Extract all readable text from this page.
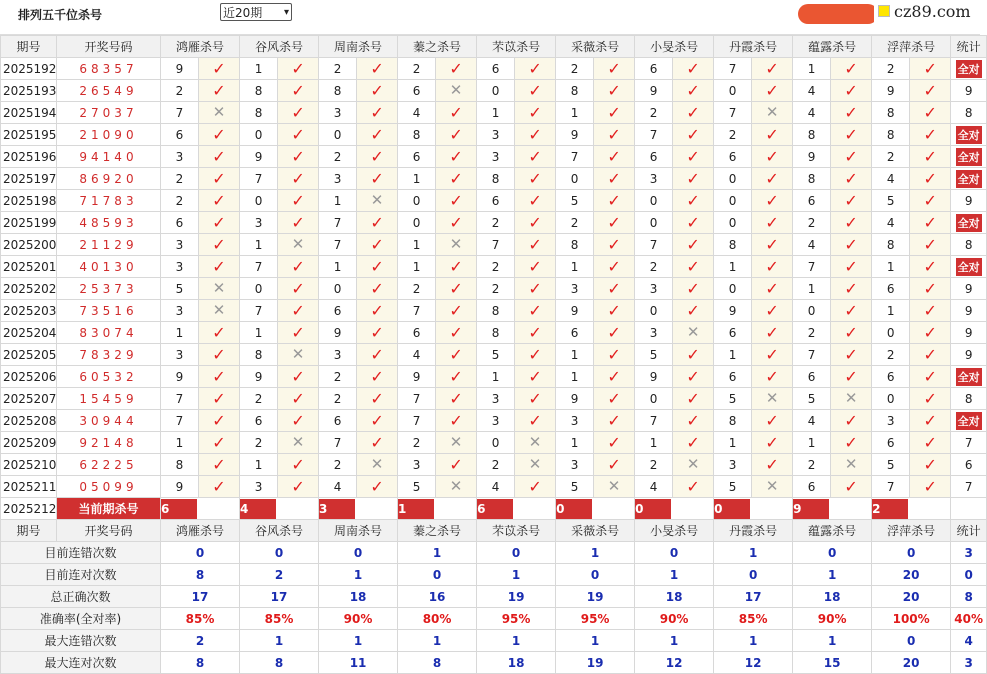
排列五千位杀号	近20期 ▾	cz89.com
期号	开奖号码	鸿雁杀号		谷风杀号		周南杀号		蓁之杀号		芣苡杀号		采薇杀号		小旻杀号		丹霞杀号		蕴露杀号		浮萍杀号		统计
2025192	68357	9	✓	1	✓	2	✓	2	✓	6	✓	2	✓	6	✓	7	✓	1	✓	2	✓	全对
2025193	26549	2	✓	8	✓	8	✓	6	✕	0	✓	8	✓	9	✓	0	✓	4	✓	9	✓	9
2025194	27037	7	✕	8	✓	3	✓	4	✓	1	✓	1	✓	2	✓	7	✕	4	✓	8	✓	8
2025195	21090	6	✓	0	✓	0	✓	8	✓	3	✓	9	✓	7	✓	2	✓	8	✓	8	✓	全对
2025196	94140	3	✓	9	✓	2	✓	6	✓	3	✓	7	✓	6	✓	6	✓	9	✓	2	✓	全对
2025197	86920	2	✓	7	✓	3	✓	1	✓	8	✓	0	✓	3	✓	0	✓	8	✓	4	✓	全对
2025198	71783	2	✓	0	✓	1	✕	0	✓	6	✓	5	✓	0	✓	0	✓	6	✓	5	✓	9
2025199	48593	6	✓	3	✓	7	✓	0	✓	2	✓	2	✓	0	✓	0	✓	2	✓	4	✓	全对
2025200	21129	3	✓	1	✕	7	✓	1	✕	7	✓	8	✓	7	✓	8	✓	4	✓	8	✓	8
2025201	40130	3	✓	7	✓	1	✓	1	✓	2	✓	1	✓	2	✓	1	✓	7	✓	1	✓	全对
2025202	25373	5	✕	0	✓	0	✓	2	✓	2	✓	3	✓	3	✓	0	✓	1	✓	6	✓	9
2025203	73516	3	✕	7	✓	6	✓	7	✓	8	✓	9	✓	0	✓	9	✓	0	✓	1	✓	9
2025204	83074	1	✓	1	✓	9	✓	6	✓	8	✓	6	✓	3	✕	6	✓	2	✓	0	✓	9
2025205	78329	3	✓	8	✕	3	✓	4	✓	5	✓	1	✓	5	✓	1	✓	7	✓	2	✓	9
2025206	60532	9	✓	9	✓	2	✓	9	✓	1	✓	1	✓	9	✓	6	✓	6	✓	6	✓	全对
2025207	15459	7	✓	2	✓	2	✓	7	✓	3	✓	9	✓	0	✓	5	✕	5	✕	0	✓	8
2025208	30944	7	✓	6	✓	6	✓	7	✓	3	✓	3	✓	7	✓	8	✓	4	✓	3	✓	全对
2025209	92148	1	✓	2	✕	7	✓	2	✕	0	✕	1	✓	1	✓	1	✓	1	✓	6	✓	7
2025210	62225	8	✓	1	✓	2	✕	3	✓	2	✕	3	✓	2	✕	3	✓	2	✕	5	✓	6
2025211	05099	9	✓	3	✓	4	✓	5	✕	4	✓	5	✕	4	✓	5	✕	6	✓	7	✓	7
2025212	当前期杀号	6		4		3		1		6		0		0		0		9		2		
期号	开奖号码	鸿雁杀号		谷风杀号		周南杀号		蓁之杀号		芣苡杀号		采薇杀号		小旻杀号		丹霞杀号		蕴露杀号		浮萍杀号		统计
目前连错次数		0		0		0		1		0		1		0		1		0		0		3
目前连对次数		8		2		1		0		1		0		1		0		1		20		0
总正确次数		17		17		18		16		19		19		18		17		18		20		8
准确率(全对率)		85%		85%		90%		80%		95%		95%		90%		85%		90%		100%		40%
最大连错次数		2		1		1		1		1		1		1		1		1		0		4
最大连对次数		8		8		11		8		18		19		12		12		15		20		3
